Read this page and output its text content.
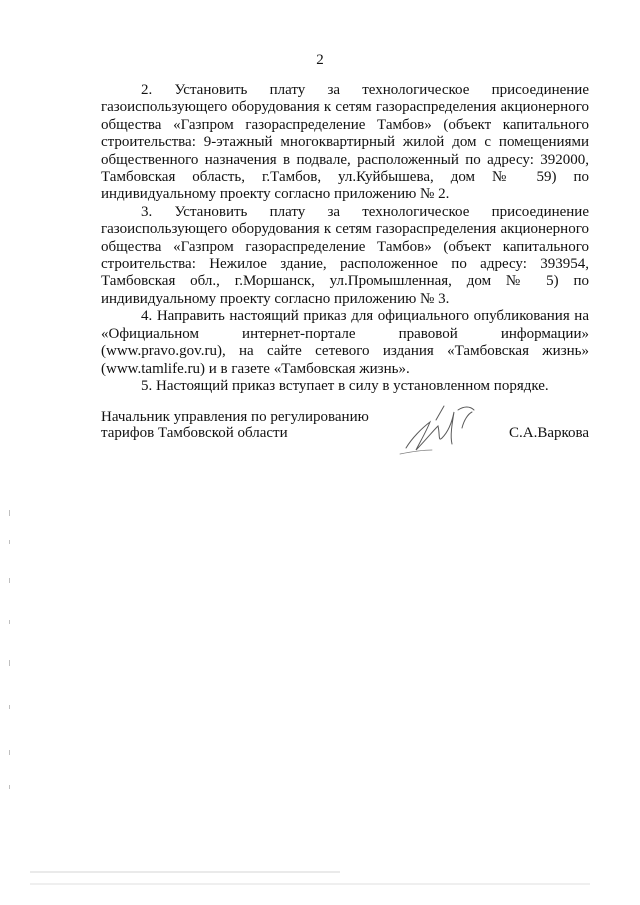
2

2. Установить плату за технологическое присоединение газоиспользующего оборудования к сетям газораспределения акционерного общества «Газпром газораспределение Тамбов» (объект капитального строительства: 9-этажный многоквартирный жилой дом с помещениями общественного назначения в подвале, расположенный по адресу: 392000, Тамбовская область, г.Тамбов, ул.Куйбышева, дом № 59) по индивидуальному проекту согласно приложению № 2.

3. Установить плату за технологическое присоединение газоиспользующего оборудования к сетям газораспределения акционерного общества «Газпром газораспределение Тамбов» (объект капитального строительства: Нежилое здание, расположенное по адресу: 393954, Тамбовская обл., г.Моршанск, ул.Промышленная, дом № 5) по индивидуальному проекту согласно приложению № 3.

4. Направить настоящий приказ для официального опубликования на «Официальном интернет-портале правовой информации» (www.pravo.gov.ru), на сайте сетевого издания «Тамбовская жизнь» (www.tamlife.ru) и в газете «Тамбовская жизнь».

5. Настоящий приказ вступает в силу в установленном порядке.

Начальник управления по регулированию
тарифов Тамбовской области	С.А.Варкова
